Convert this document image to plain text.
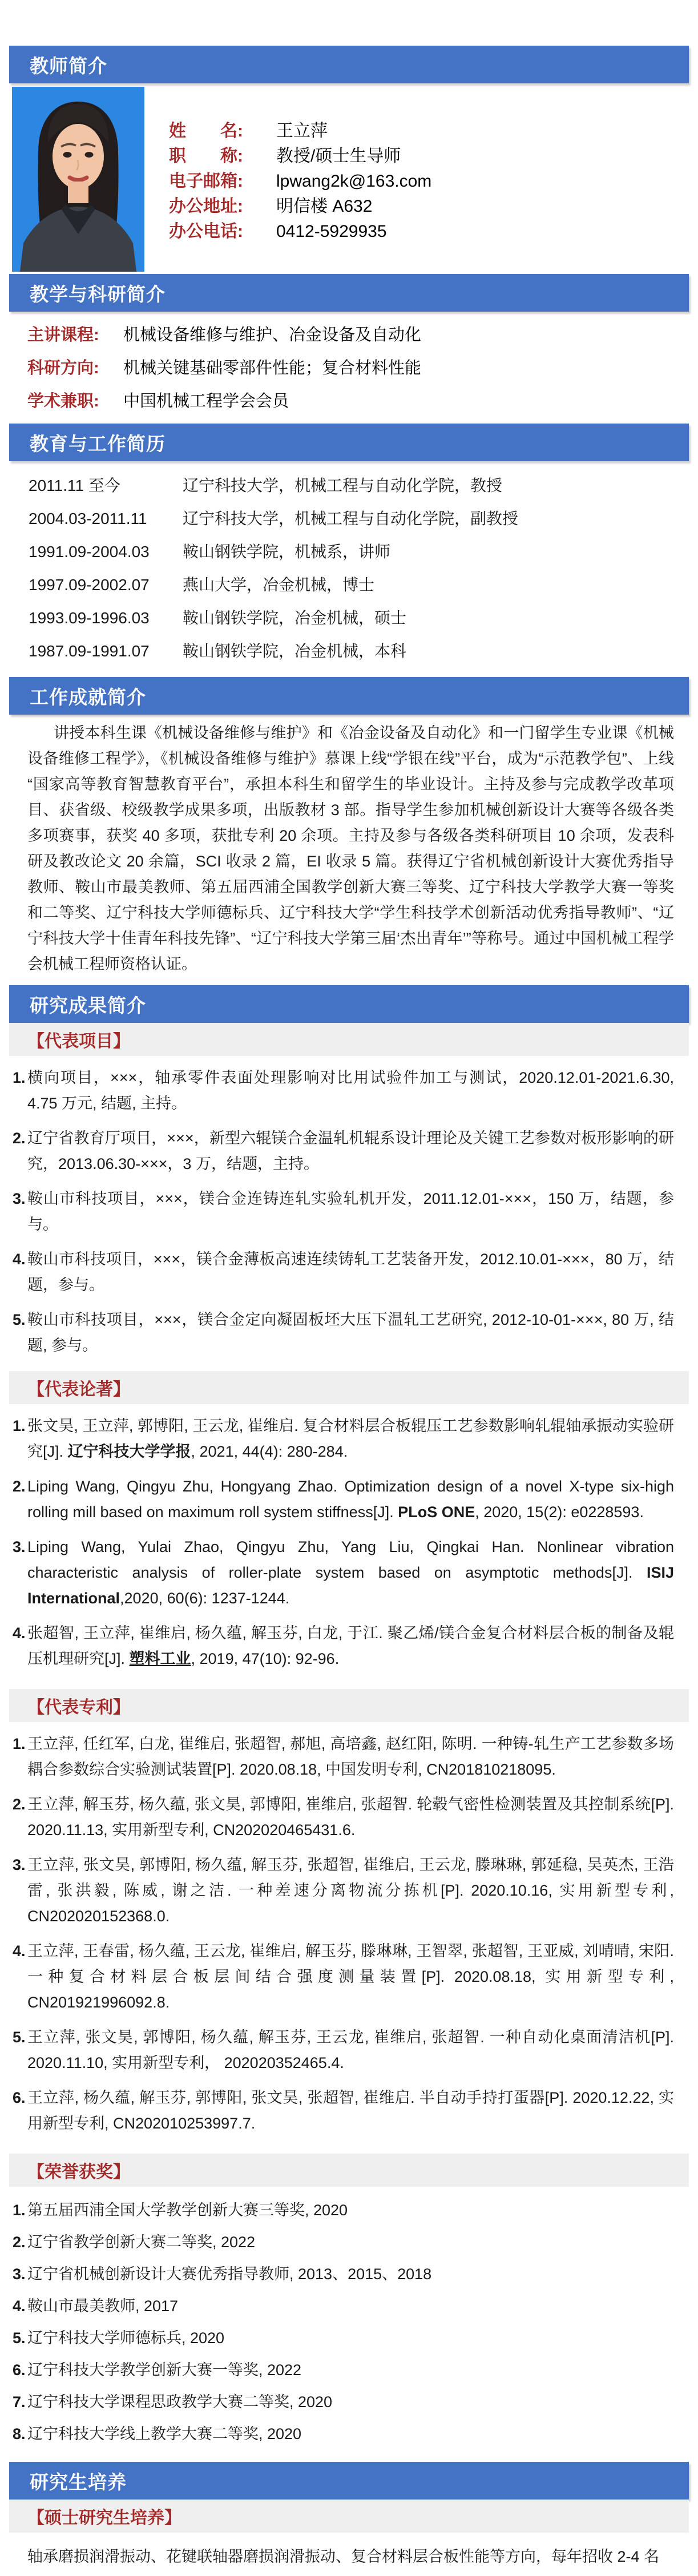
教师简介
姓　　名:	王立萍
职　　称:	教授/硕士生导师
电子邮箱:	lpwang2k@163.com
办公地址:	明信楼 A632
办公电话:	0412-5929935
教学与科研简介
主讲课程:	机械设备维修与维护、冶金设备及自动化
科研方向:	机械关键基础零部件性能；复合材料性能
学术兼职:	中国机械工程学会会员
教育与工作简历
2011.11 至今	辽宁科技大学，机械工程与自动化学院，教授
2004.03-2011.11	辽宁科技大学，机械工程与自动化学院，副教授
1991.09-2004.03	鞍山钢铁学院，机械系，讲师
1997.09-2002.07	燕山大学，冶金机械，博士
1993.09-1996.03	鞍山钢铁学院，冶金机械，硕士
1987.09-1991.07	鞍山钢铁学院，冶金机械，本科
工作成就简介

讲授本科生课《机械设备维修与维护》和《冶金设备及自动化》和一门留学生专业课《机械设备维修工程学》，《机械设备维修与维护》慕课上线“学银在线”平台，成为“示范教学包”、上线“国家高等教育智慧教育平台”，承担本科生和留学生的毕业设计。主持及参与完成教学改革项目、获省级、校级教学成果多项，出版教材 3 部。指导学生参加机械创新设计大赛等各级各类多项赛事，获奖 40 多项，获批专利 20 余项。主持及参与各级各类科研项目 10 余项，发表科研及教改论文 20 余篇，SCI 收录 2 篇，EI 收录 5 篇。获得辽宁省机械创新设计大赛优秀指导教师、鞍山市最美教师、第五届西浦全国教学创新大赛三等奖、辽宁科技大学教学大赛一等奖和二等奖、辽宁科技大学师德标兵、辽宁科技大学“学生科技学术创新活动优秀指导教师”、“辽宁科技大学十佳青年科技先锋”、“辽宁科技大学第三届‘杰出青年’”等称号。通过中国机械工程学会机械工程师资格认证。

研究成果简介
【代表项目】
1. 横向项目，×××，轴承零件表面处理影响对比用试验件加工与测试，2020.12.01-2021.6.30, 4.75 万元, 结题, 主持。
2. 辽宁省教育厅项目，×××，新型六辊镁合金温轧机辊系设计理论及关键工艺参数对板形影响的研究，2013.06.30-×××，3 万，结题，主持。
3. 鞍山市科技项目，×××，镁合金连铸连轧实验轧机开发，2011.12.01-×××，150 万，结题，参与。
4. 鞍山市科技项目，×××，镁合金薄板高速连续铸轧工艺装备开发，2012.10.01-×××，80 万，结题，参与。
5. 鞍山市科技项目，×××，镁合金定向凝固板坯大压下温轧工艺研究, 2012-10-01-×××, 80 万, 结题, 参与。
【代表论著】
1. 张文昊, 王立萍, 郭博阳, 王云龙, 崔维启. 复合材料层合板辊压工艺参数影响轧辊轴承振动实验研究[J]. 辽宁科技大学学报, 2021, 44(4): 280-284.
2. Liping Wang, Qingyu Zhu, Hongyang Zhao. Optimization design of a novel X-type six-high rolling mill based on maximum roll system stiffness[J]. PLoS ONE, 2020, 15(2): e0228593.
3. Liping Wang, Yulai Zhao, Qingyu Zhu, Yang Liu, Qingkai Han. Nonlinear vibration characteristic analysis of roller-plate system based on asymptotic methods[J]. ISIJ International,2020, 60(6): 1237-1244.
4. 张超智, 王立萍, 崔维启, 杨久蕴, 解玉芬, 白龙, 于江. 聚乙烯/镁合金复合材料层合板的制备及辊压机理研究[J]. 塑料工业, 2019, 47(10): 92-96.
【代表专利】
1. 王立萍, 任红军, 白龙, 崔维启, 张超智, 郝旭, 高培鑫, 赵红阳, 陈明. 一种铸-轧生产工艺参数多场耦合参数综合实验测试装置[P]. 2020.08.18, 中国发明专利, CN201810218095.
2. 王立萍, 解玉芬, 杨久蕴, 张文昊, 郭博阳, 崔维启, 张超智. 轮毂气密性检测装置及其控制系统[P]. 2020.11.13, 实用新型专利, CN202020465431.6.
3. 王立萍, 张文昊, 郭博阳, 杨久蕴, 解玉芬, 张超智, 崔维启, 王云龙, 滕琳琳, 郭延稳, 吴英杰, 王浩雷, 张洪毅, 陈威, 谢之洁. 一种差速分离物流分拣机[P]. 2020.10.16, 实用新型专利, CN202020152368.0.
4. 王立萍, 王春雷, 杨久蕴, 王云龙, 崔维启, 解玉芬, 滕琳琳, 王智翠, 张超智, 王亚威, 刘晴晴, 宋阳. 一种复合材料层合板层间结合强度测量装置[P]. 2020.08.18, 实用新型专利, CN201921996092.8.
5. 王立萍, 张文昊, 郭博阳, 杨久蕴, 解玉芬, 王云龙, 崔维启, 张超智. 一种自动化桌面清洁机[P]. 2020.11.10, 实用新型专利， 202020352465.4.
6. 王立萍, 杨久蕴, 解玉芬, 郭博阳, 张文昊, 张超智, 崔维启. 半自动手持打蛋器[P]. 2020.12.22, 实用新型专利, CN202010253997.7.
【荣誉获奖】
1. 第五届西浦全国大学教学创新大赛三等奖, 2020
2. 辽宁省教学创新大赛二等奖, 2022
3. 辽宁省机械创新设计大赛优秀指导教师, 2013、2015、2018
4. 鞍山市最美教师, 2017
5. 辽宁科技大学师德标兵, 2020
6. 辽宁科技大学教学创新大赛一等奖, 2022
7. 辽宁科技大学课程思政教学大赛二等奖, 2020
8. 辽宁科技大学线上教学大赛二等奖, 2020
研究生培养
【硕士研究生培养】

轴承磨损润滑振动、花键联轴器磨损润滑振动、复合材料层合板性能等方向，每年招收 2-4 名
